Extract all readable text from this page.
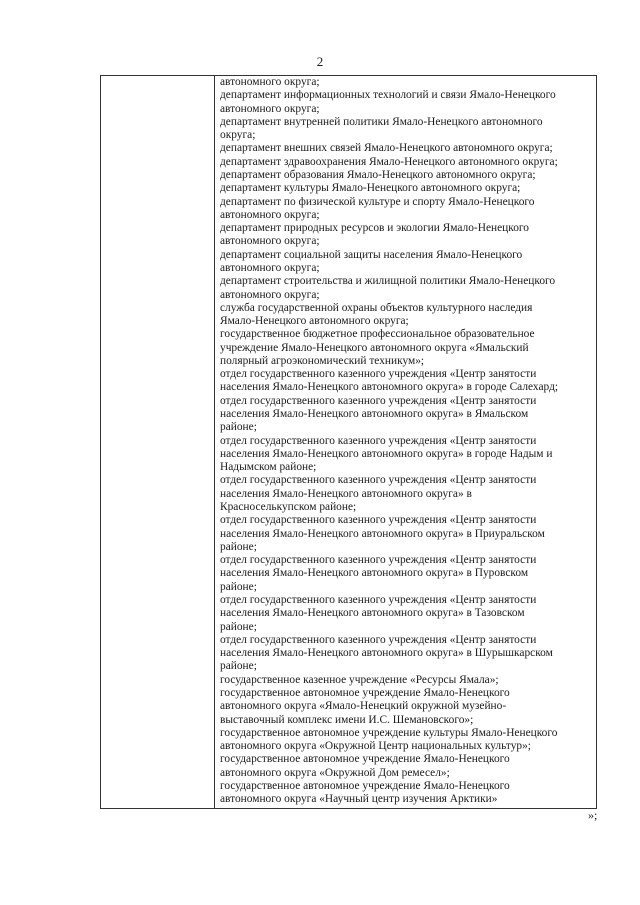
2

автономного округа;

департамент информационных технологий и связи Ямало-Ненецкого

автономного округа;

департамент внутренней политики Ямало-Ненецкого автономного

округа;

департамент внешних связей Ямало-Ненецкого автономного округа;

департамент здравоохранения Ямало-Ненецкого автономного округа;

департамент образования Ямало-Ненецкого автономного округа;

департамент культуры Ямало-Ненецкого автономного округа;

департамент по физической культуре и спорту Ямало-Ненецкого

автономного округа;

департамент природных ресурсов и экологии Ямало-Ненецкого

автономного округа;

департамент социальной защиты населения Ямало-Ненецкого

автономного округа;

департамент строительства и жилищной политики Ямало-Ненецкого

автономного округа;

служба государственной охраны объектов культурного наследия

Ямало-Ненецкого автономного округа;

государственное бюджетное профессиональное образовательное

учреждение Ямало-Ненецкого автономного округа «Ямальский

полярный агроэкономический техникум»;

отдел государственного казенного учреждения «Центр занятости

населения Ямало-Ненецкого автономного округа» в городе Салехард;

отдел государственного казенного учреждения «Центр занятости

населения Ямало-Ненецкого автономного округа» в Ямальском

районе;

отдел государственного казенного учреждения «Центр занятости

населения Ямало-Ненецкого автономного округа» в городе Надым и

Надымском районе;

отдел государственного казенного учреждения «Центр занятости

населения Ямало-Ненецкого автономного округа» в

Красноселькупском районе;

отдел государственного казенного учреждения «Центр занятости

населения Ямало-Ненецкого автономного округа» в Приуральском

районе;

отдел государственного казенного учреждения «Центр занятости

населения Ямало-Ненецкого автономного округа» в Пуровском

районе;

отдел государственного казенного учреждения «Центр занятости

населения Ямало-Ненецкого автономного округа» в Тазовском

районе;

отдел государственного казенного учреждения «Центр занятости

населения Ямало-Ненецкого автономного округа» в Шурышкарском

районе;

государственное казенное учреждение «Ресурсы Ямала»;

государственное автономное учреждение Ямало-Ненецкого

автономного округа «Ямало-Ненецкий окружной музейно-

выставочный комплекс имени И.С. Шемановского»;

государственное автономное учреждение культуры Ямало-Ненецкого

автономного округа «Окружной Центр национальных культур»;

государственное автономное учреждение Ямало-Ненецкого

автономного округа «Окружной Дом ремесел»;

государственное автономное учреждение Ямало-Ненецкого

автономного округа «Научный центр изучения Арктики»

»;
